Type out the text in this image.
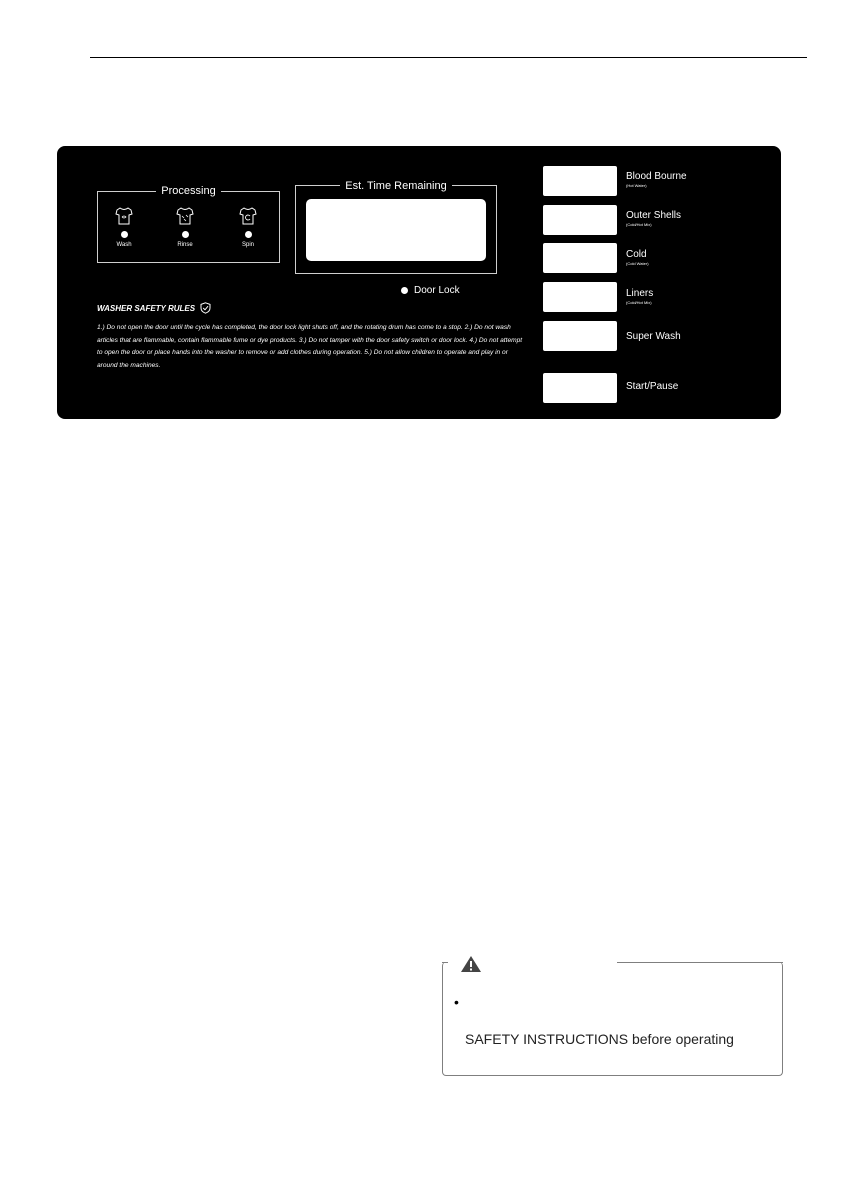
Processing
Wash	Rinse	Spin
Est. Time Remaining
Door Lock
WASHER SAFETY RULES
1.) Do not open the door until the cycle has completed, the door lock light shuts off, and the rotating drum has come to a stop. 2.) Do not wash articles that are flammable, contain flammable fume or dye products. 3.) Do not tamper with the door safety switch or door lock. 4.) Do not attempt to open the door or place hands into the washer to remove or add clothes during operation. 5.) Do not allow children to operate and play in or around the machines.
Blood Bourne
(Hot Water)
Outer Shells
(Cold/Hot Mix)
Cold
(Cold Water)
Liners
(Cold/Hot Mix)
Super Wash
Start/Pause
•
SAFETY INSTRUCTIONS before operating
